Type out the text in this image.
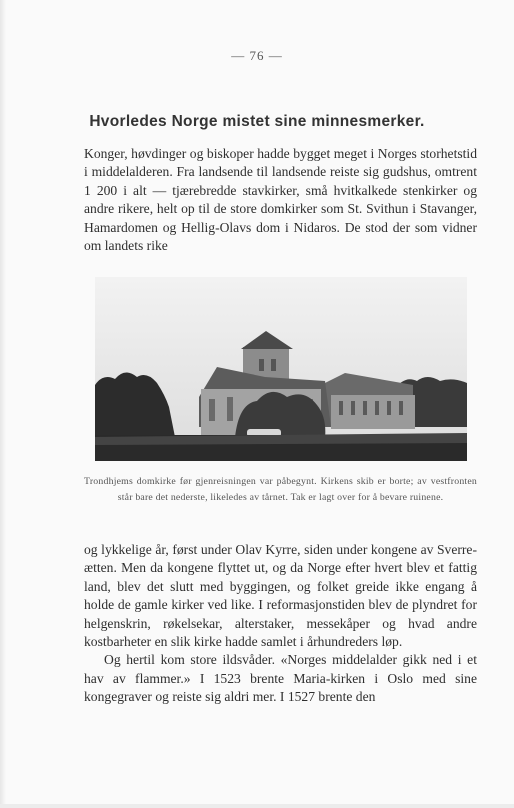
— 76 —
Hvorledes Norge mistet sine minnesmerker.

Konger, høvdinger og biskoper hadde bygget meget i Norges storhetstid i middelalderen. Fra landsende til landsende reiste sig gudshus, omtrent 1 200 i alt — tjærebredde stavkirker, små hvitkalkede stenkirker og andre rikere, helt op til de store domkirker som St. Svithun i Stavanger, Hamardomen og Hellig-Olavs dom i Nidaros. De stod der som vidner om landets rike

Trondhjems domkirke før gjenreisningen var påbegynt. Kirkens skib er borte; av vestfronten står bare det nederste, likeledes av tårnet. Tak er lagt over for å bevare ruinene.

og lykkelige år, først under Olav Kyrre, siden under kongene av Sverre-ætten. Men da kongene flyttet ut, og da Norge efter hvert blev et fattig land, blev det slutt med byggingen, og folket greide ikke engang å holde de gamle kirker ved like. I reformasjonstiden blev de plyndret for helgenskrin, røkelsekar, alterstaker, messekåper og hvad andre kostbarheter en slik kirke hadde samlet i århundreders løp.

Og hertil kom store ildsvåder. «Norges middelalder gikk ned i et hav av flammer.» I 1523 brente Maria-kirken i Oslo med sine kongegraver og reiste sig aldri mer. I 1527 brente den
